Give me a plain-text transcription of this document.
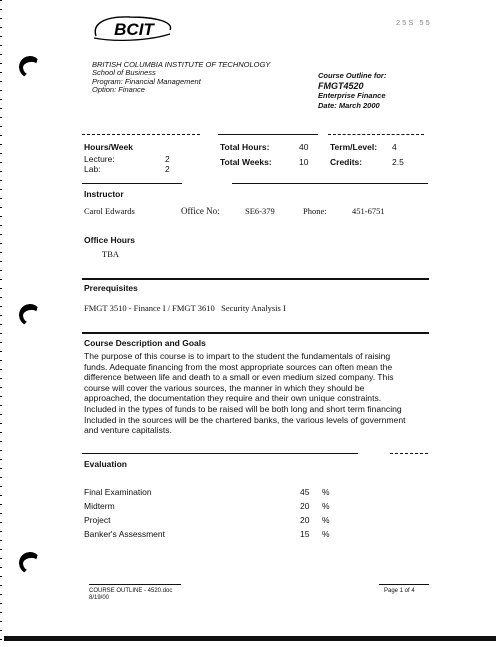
BCIT	25S 55
BRITISH COLUMBIA INSTITUTE OF TECHNOLOGY
School of Business
Program: Financial Management
Option: Finance
Course Outline for:
FMGT4520
Enterprise Finance
Date: March 2000
Hours/Week
Lecture:	2
Lab:	2
Total Hours:	40
Total Weeks:	10
Term/Level: 4
Credits:	2.5
Instructor
Carol Edwards	Office No:	SE6-379	Phone:	451-6751
Office Hours
TBA
Prerequisites
FMGT 3510 - Finance I / FMGT 3610   Security Analysis I
Course Description and Goals
The purpose of this course is to impart to the student the fundamentals of raising
funds. Adequate financing from the most appropriate sources can often mean the
difference between life and death to a small or even medium sized company. This
course will cover the various sources, the manner in which they should be
approached, the documentation they require and their own unique constraints.
Included in the types of funds to be raised will be both long and short term financing
Included in the sources will be the chartered banks, the various levels of government
and venture capitalists.
Evaluation
Final Examination	45 %
Midterm	20 %
Project	20 %
Banker's Assessment	15 %
COURSE OUTLINE - 4520.doc
8/19/00
Page 1 of 4
